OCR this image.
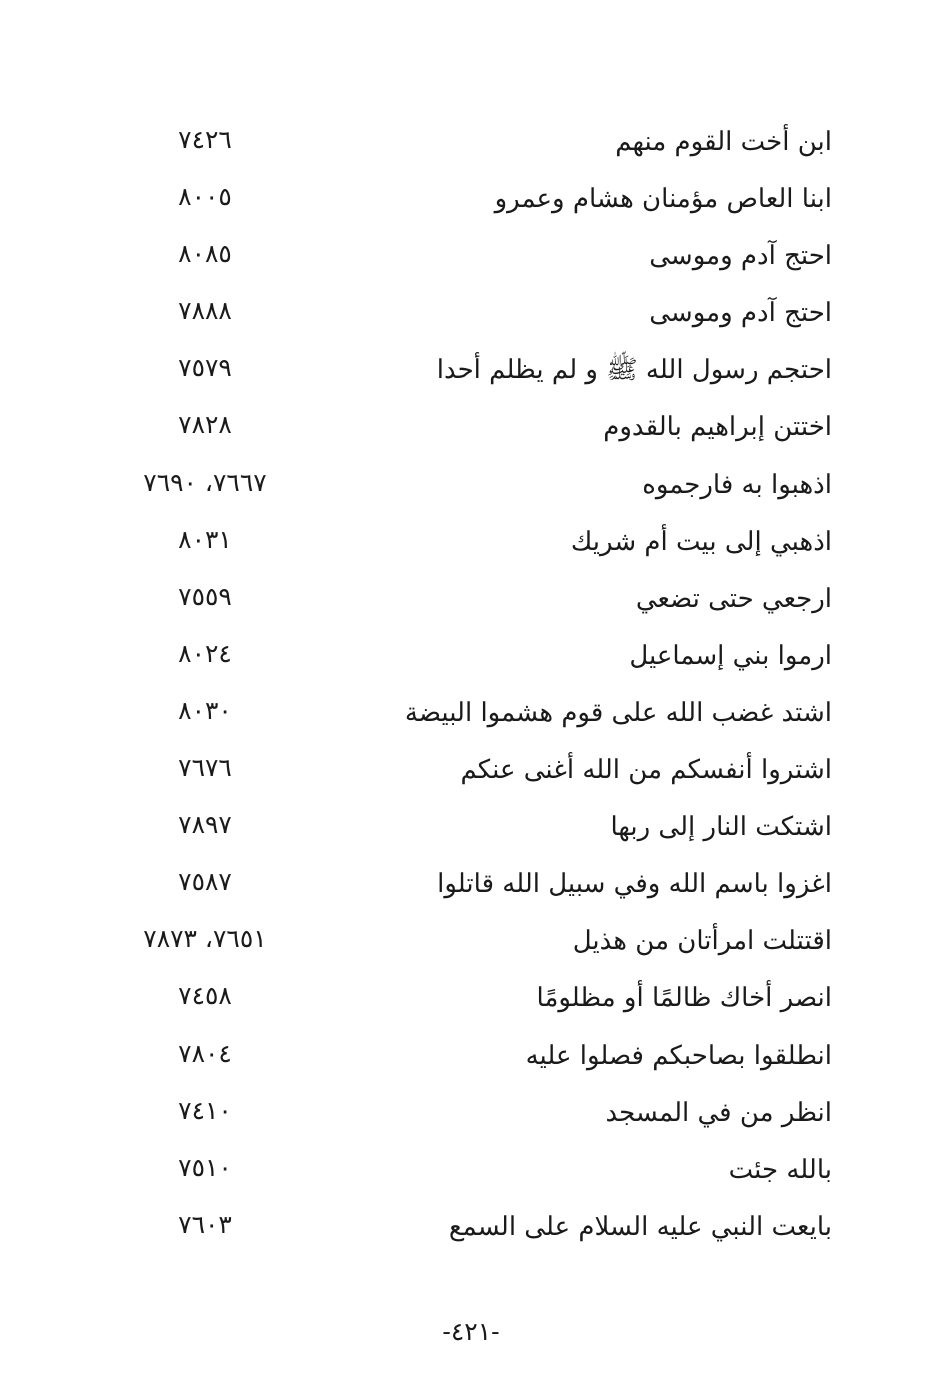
ابن أخت القوم منهم
٧٤٢٦
ابنا العاص مؤمنان هشام وعمرو
٨٠٠٥
احتج آدم وموسى
٨٠٨٥
احتج آدم وموسى
٧٨٨٨
احتجم رسول الله ﷺ و لم يظلم أحدا
٧٥٧٩
اختتن إبراهيم بالقدوم
٧٨٢٨
اذهبوا به فارجموه
٧٦٦٧، ٧٦٩٠
اذهبي إلى بيت أم شريك
٨٠٣١
ارجعي حتى تضعي
٧٥٥٩
ارموا بني إسماعيل
٨٠٢٤
اشتد غضب الله على قوم هشموا البيضة
٨٠٣٠
اشتروا أنفسكم من الله أغنى عنكم
٧٦٧٦
اشتكت النار إلى ربها
٧٨٩٧
اغزوا باسم الله وفي سبيل الله قاتلوا
٧٥٨٧
اقتتلت امرأتان من هذيل
٧٦٥١، ٧٨٧٣
انصر أخاك ظالمًا أو مظلومًا
٧٤٥٨
انطلقوا بصاحبكم فصلوا عليه
٧٨٠٤
انظر من في المسجد
٧٤١٠
بالله جئت
٧٥١٠
بايعت النبي عليه السلام على السمع
٧٦٠٣
-٤٢١-
